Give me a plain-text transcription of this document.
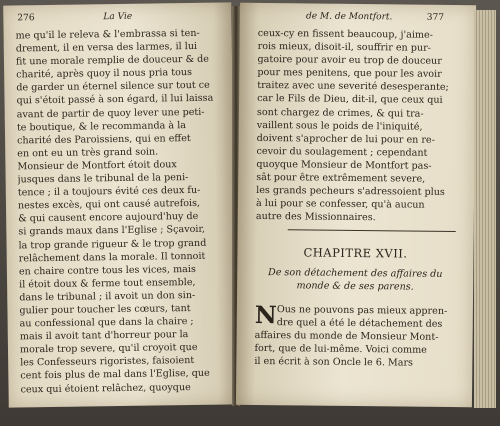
276	La Vie
me qu'il le releva & l'embrassa si ten-
drement, il en versa des larmes, il lui
fit une morale remplie de douceur & de
charité, après quoy il nous pria tous
de garder un éternel silence sur tout ce
qui s'étoit passé à son égard, il lui laissa
avant de partir de quoy lever une peti-
te boutique, & le recommanda à la
charité des Paroissiens, qui en effet
en ont eu un très grand soin.
Monsieur de Montfort étoit doux
jusques dans le tribunal de la peni-
tence ; il a toujours évité ces deux fu-
nestes excès, qui ont causé autrefois,
& qui causent encore aujourd'huy de
si grands maux dans l'Eglise ; Sçavoir,
la trop grande rigueur & le trop grand
relâchement dans la morale. Il tonnoit
en chaire contre tous les vices, mais
il étoit doux & ferme tout ensemble,
dans le tribunal ; il avoit un don sin-
gulier pour toucher les cœurs, tant
au confessional que dans la chaire ;
mais il avoit tant d'horreur pour la
morale trop severe, qu'il croyoit que
les Confesseurs rigoristes, faisoient
cent fois plus de mal dans l'Eglise, que
ceux qui étoient relâchez, quoyque
de M. de Montfort.	377
ceux-cy en fissent beaucoup, j'aime-
rois mieux, disoit-il, souffrir en pur-
gatoire pour avoir eu trop de douceur
pour mes penitens, que pour les avoir
traitez avec une severité desesperante;
car le Fils de Dieu, dit-il, que ceux qui
sont chargez de crimes, & qui tra-
vaillent sous le poids de l'iniquité,
doivent s'aprocher de lui pour en re-
cevoir du soulagement ; cependant
quoyque Monsieur de Montfort pas-
sât pour être extrêmement severe,
les grands pecheurs s'adressoient plus
à lui pour se confesser, qu'à aucun
autre des Missionnaires.
CHAPITRE XVII.
De son détachement des affaires du
monde & de ses parens.
N Ous ne pouvons pas mieux appren-
dre quel a été le détachement des
affaires du monde de Monsieur Mont-
fort, que de lui-même. Voici comme
il en écrit à son Oncle le 6. Mars
